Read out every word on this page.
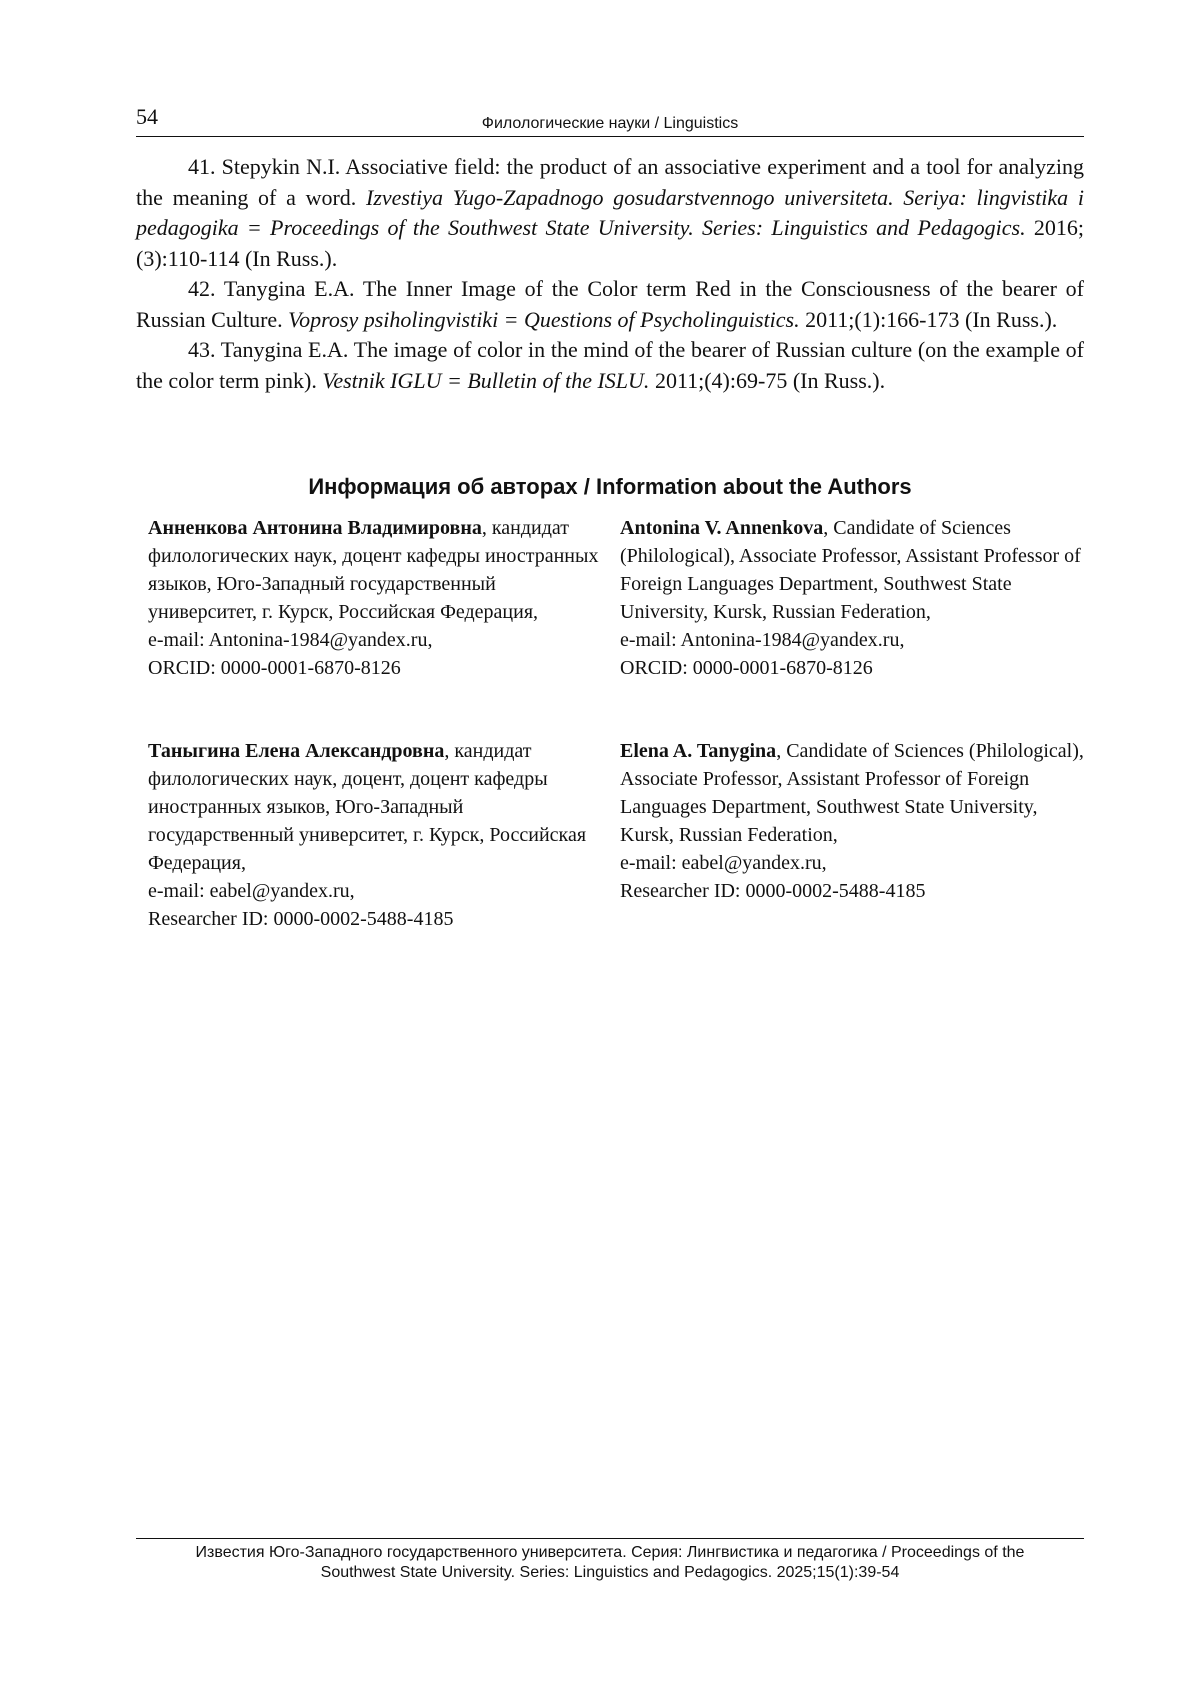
54	Филологические науки / Linguistics

41. Stepykin N.I. Associative field: the product of an associative experiment and a tool for analyzing the meaning of a word. Izvestiya Yugo-Zapadnogo gosudarstvennogo universiteta. Seriya: lingvistika i pedagogika = Proceedings of the Southwest State University. Series: Linguistics and Pedagogics. 2016;(3):110-114 (In Russ.).

42. Tanygina E.A. The Inner Image of the Color term Red in the Consciousness of the bearer of Russian Culture. Voprosy psiholingvistiki = Questions of Psycholinguistics. 2011;(1):166-173 (In Russ.).

43. Tanygina E.A. The image of color in the mind of the bearer of Russian culture (on the example of the color term pink). Vestnik IGLU = Bulletin of the ISLU. 2011;(4):69-75 (In Russ.).

Информация об авторах / Information about the Authors

Анненкова Антонина Владимировна, кандидат филологических наук, доцент кафедры иностранных языков, Юго-Западный государственный университет, г. Курск, Российская Федерация,
e-mail: Antonina-1984@yandex.ru,
ORCID: 0000-0001-6870-8126

Antonina V. Annenkova, Candidate of Sciences (Philological), Associate Professor, Assistant Professor of Foreign Languages Department, Southwest State University, Kursk, Russian Federation,
e-mail: Antonina-1984@yandex.ru,
ORCID: 0000-0001-6870-8126

Таныгина Елена Александровна, кандидат филологических наук, доцент, доцент кафедры иностранных языков, Юго-Западный государственный университет, г. Курск, Российская Федерация,
e-mail: eabel@yandex.ru,
Researcher ID: 0000-0002-5488-4185

Elena A. Tanygina, Candidate of Sciences (Philological), Associate Professor, Assistant Professor of Foreign Languages Department, Southwest State University, Kursk, Russian Federation,
e-mail: eabel@yandex.ru,
Researcher ID: 0000-0002-5488-4185

Известия Юго-Западного государственного университета. Серия: Лингвистика и педагогика / Proceedings of the
Southwest State University. Series: Linguistics and Pedagogics. 2025;15(1):39-54
